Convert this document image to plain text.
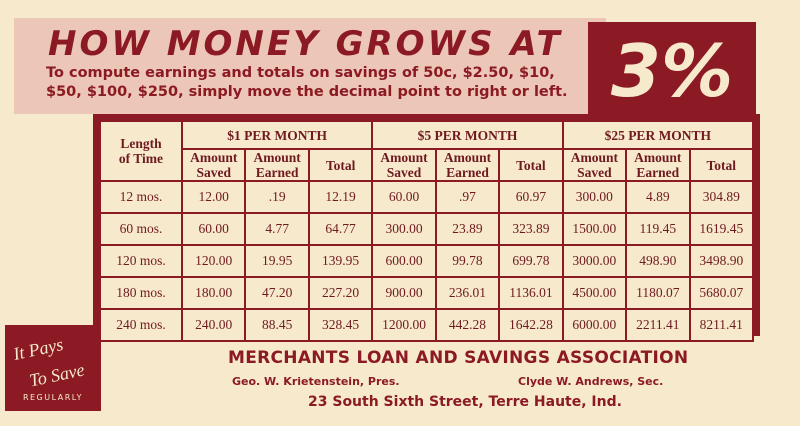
HOW MONEY GROWS AT
To compute earnings and totals on savings of 50c, $2.50, $10, $50, $100, $250, simply move the decimal point to right or left. 3%
Length of Time	$1 PER MONTH			$5 PER MONTH			$25 PER MONTH		
	Amount Saved	Amount Earned	Total	Amount Saved	Amount Earned	Total	Amount Saved	Amount Earned	Total
12 mos.	12.00	.19	12.19	60.00	.97	60.97	300.00	4.89	304.89
60 mos.	60.00	4.77	64.77	300.00	23.89	323.89	1500.00	119.45	1619.45
120 mos.	120.00	19.95	139.95	600.00	99.78	699.78	3000.00	498.90	3498.90
180 mos.	180.00	47.20	227.20	900.00	236.01	1136.01	4500.00	1180.07	5680.07
240 mos.	240.00	88.45	328.45	1200.00	442.28	1642.28	6000.00	2211.41	8211.41
It Pays
To Save
REGULARLY
MERCHANTS LOAN AND SAVINGS ASSOCIATION
Geo. W. Krietenstein, Pres.	Clyde W. Andrews, Sec.
23 South Sixth Street, Terre Haute, Ind.
